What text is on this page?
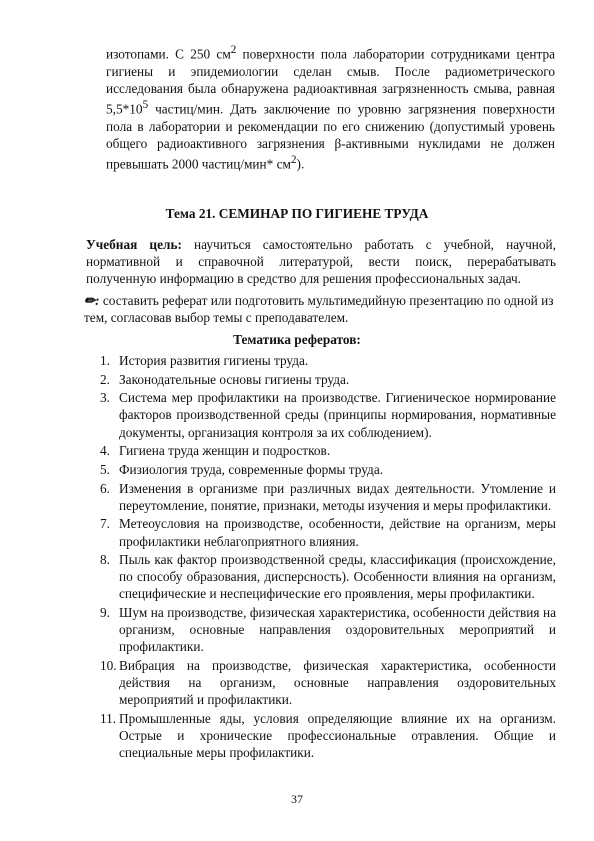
изотопами. С 250 $см^2$ поверхности пола лаборатории сотрудниками центра гигиены и эпидемиологии сделан смыв. После радиометрического исследования была обнаружена радиоактивная загрязненность смыва, равная $5,5*10^5$ частиц/мин. Дать заключение по уровню загрязнения поверхности пола в лаборатории и рекомендации по его снижению (допустимый уровень общего радиоактивного загрязнения β-активными нуклидами не должен превышать 2000 частиц/мин* $см^2$).

Тема 21. СЕМИНАР ПО ГИГИЕНЕ ТРУДА

Учебная цель: научиться самостоятельно работать с учебной, научной, нормативной и справочной литературой, вести поиск, перерабатывать полученную информацию в средство для решения профессиональных задач.

✏: составить реферат или подготовить мультимедийную презентацию по одной из тем, согласовав выбор темы с преподавателем.
Тематика рефератов:
1. История развития гигиены труда.
2. Законодательные основы гигиены труда.
3. Система мер профилактики на производстве. Гигиеническое нормирование факторов производственной среды (принципы нормирования, нормативные документы, организация контроля за их соблюдением).
4. Гигиена труда женщин и подростков.
5. Физиология труда, современные формы труда.
6. Изменения в организме при различных видах деятельности. Утомление и переутомление, понятие, признаки, методы изучения и меры профилактики.
7. Метеоусловия на производстве, особенности, действие на организм, меры профилактики неблагоприятного влияния.
8. Пыль как фактор производственной среды, классификация (происхождение, по способу образования, дисперсность). Особенности влияния на организм, специфические и неспецифические его проявления, меры профилактики.
9. Шум на производстве, физическая характеристика, особенности действия на организм, основные направления оздоровительных мероприятий и профилактики.
10. Вибрация на производстве, физическая характеристика, особенности действия на организм, основные направления оздоровительных мероприятий и профилактики.
11. Промышленные яды, условия определяющие влияние их на организм. Острые и хронические профессиональные отравления. Общие и специальные меры профилактики.
37
